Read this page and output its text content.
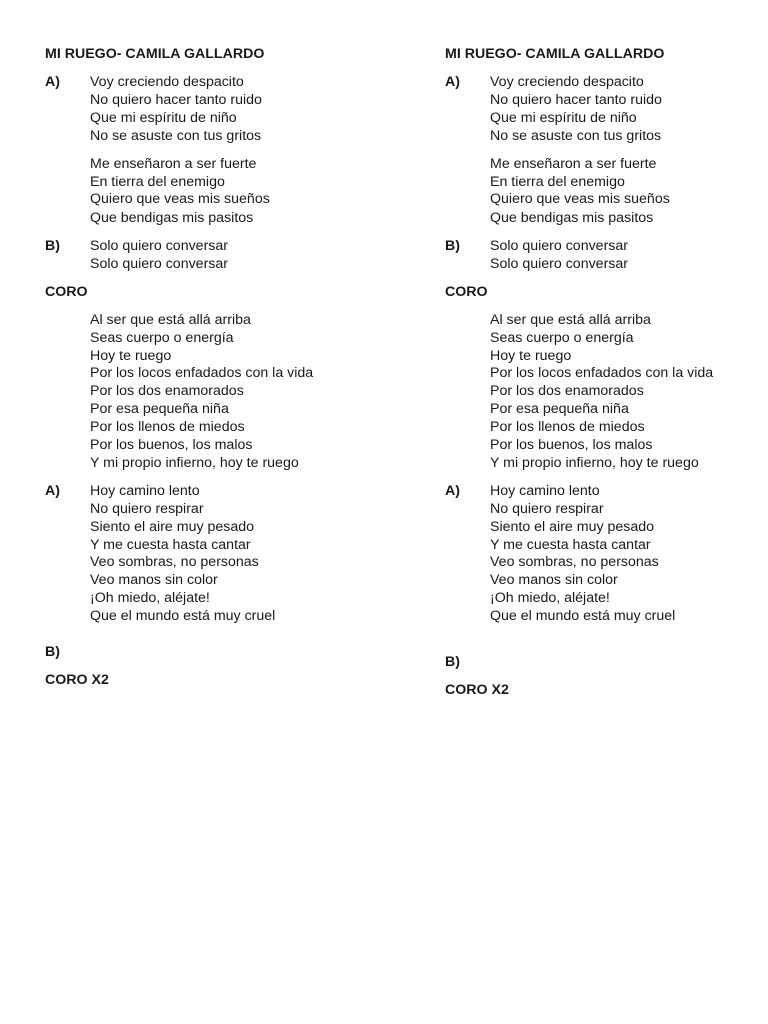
MI RUEGO- CAMILA GALLARDO
A) Voy creciendo despacito
No quiero hacer tanto ruido
Que mi espíritu de niño
No se asuste con tus gritos
Me enseñaron a ser fuerte
En tierra del enemigo
Quiero que veas mis sueños
Que bendigas mis pasitos
B) Solo quiero conversar
Solo quiero conversar
CORO
Al ser que está allá arriba
Seas cuerpo o energía
Hoy te ruego
Por los locos enfadados con la vida
Por los dos enamorados
Por esa pequeña niña
Por los llenos de miedos
Por los buenos, los malos
Y mi propio infierno, hoy te ruego
A) Hoy camino lento
No quiero respirar
Siento el aire muy pesado
Y me cuesta hasta cantar
Veo sombras, no personas
Veo manos sin color
¡Oh miedo, aléjate!
Que el mundo está muy cruel
B)
CORO X2
MI RUEGO- CAMILA GALLARDO
A) Voy creciendo despacito
No quiero hacer tanto ruido
Que mi espíritu de niño
No se asuste con tus gritos
Me enseñaron a ser fuerte
En tierra del enemigo
Quiero que veas mis sueños
Que bendigas mis pasitos
B) Solo quiero conversar
Solo quiero conversar
CORO
Al ser que está allá arriba
Seas cuerpo o energía
Hoy te ruego
Por los locos enfadados con la vida
Por los dos enamorados
Por esa pequeña niña
Por los llenos de miedos
Por los buenos, los malos
Y mi propio infierno, hoy te ruego
A) Hoy camino lento
No quiero respirar
Siento el aire muy pesado
Y me cuesta hasta cantar
Veo sombras, no personas
Veo manos sin color
¡Oh miedo, aléjate!
Que el mundo está muy cruel
B)
CORO X2
